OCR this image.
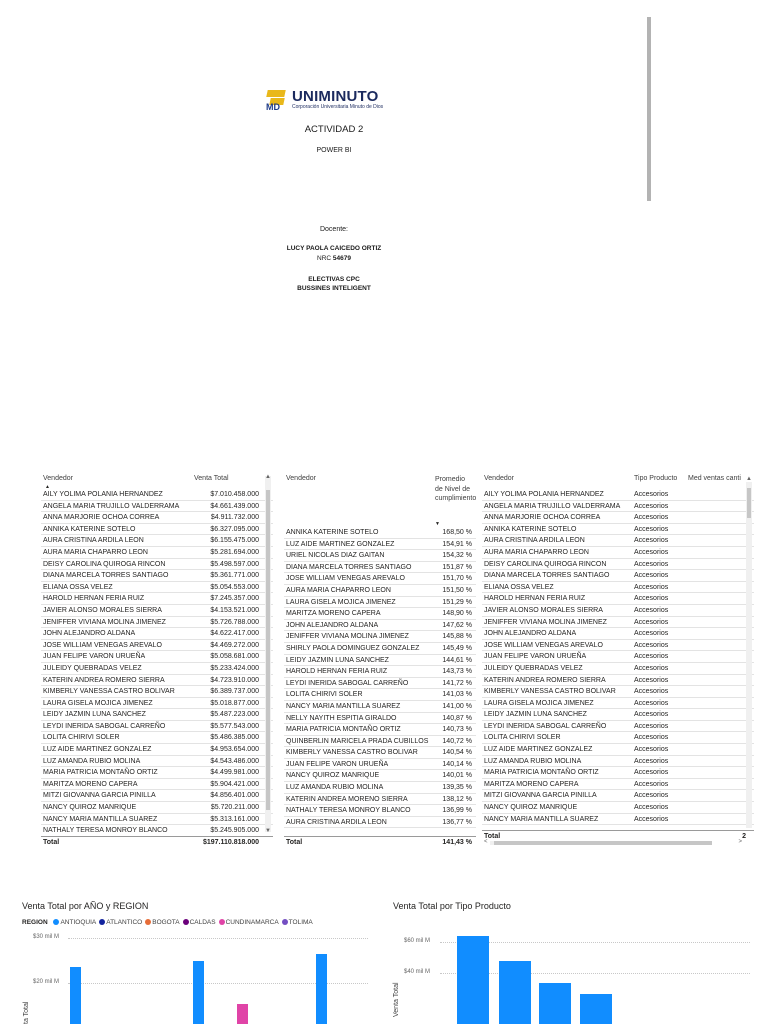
MD
UNIMINUTO
Corporación Universitaria Minuto de Dios
ACTIVIDAD 2
POWER BI
Docente:
LUCY PAOLA CAICEDO ORTIZ
NRC 54679
ELECTIVAS CPC
BUSSINES INTELIGENT
Vendedor	Venta Total
▲
AILY YOLIMA POLANIA HERNANDEZ	$7.010.458.000
ANGELA MARIA TRUJILLO VALDERRAMA	$4.661.439.000
ANNA MARJORIE OCHOA CORREA	$4.911.732.000
ANNIKA KATERINE SOTELO	$6.327.095.000
AURA CRISTINA ARDILA LEON	$6.155.475.000
AURA MARIA CHAPARRO LEON	$5.281.694.000
DEISY CAROLINA QUIROGA RINCON	$5.498.597.000
DIANA MARCELA TORRES SANTIAGO	$5.361.771.000
ELIANA OSSA VELEZ	$5.054.553.000
HAROLD HERNAN FERIA RUIZ	$7.245.357.000
JAVIER ALONSO MORALES SIERRA	$4.153.521.000
JENIFFER VIVIANA MOLINA JIMENEZ	$5.726.788.000
JOHN ALEJANDRO ALDANA	$4.622.417.000
JOSE WILLIAM VENEGAS AREVALO	$4.469.272.000
JUAN FELIPE VARON URUEÑA	$5.058.681.000
JULEIDY QUEBRADAS VELEZ	$5.233.424.000
KATERIN ANDREA ROMERO SIERRA	$4.723.910.000
KIMBERLY VANESSA CASTRO BOLIVAR	$6.389.737.000
LAURA GISELA MOJICA JIMENEZ	$5.018.877.000
LEIDY JAZMIN LUNA SANCHEZ	$5.487.223.000
LEYDI INERIDA SABOGAL CARREÑO	$5.577.543.000
LOLITA CHIRIVI SOLER	$5.486.385.000
LUZ AIDE MARTINEZ GONZALEZ	$4.953.654.000
LUZ AMANDA RUBIO MOLINA	$4.543.486.000
MARIA PATRICIA MONTAÑO ORTIZ	$4.499.981.000
MARITZA MORENO CAPERA	$5.904.421.000
MITZI GIOVANNA GARCIA PINILLA	$4.856.401.000
NANCY QUIROZ MANRIQUE	$5.720.211.000
NANCY MARIA MANTILLA SUAREZ	$5.313.161.000
NATHALY TERESA MONROY BLANCO	$5.245.905.000
Total	$197.110.818.000
▲
▼
Vendedor	Promedio de Nivel de cumplimiento
▼
ANNIKA KATERINE SOTELO	168,50 %
LUZ AIDE MARTINEZ GONZALEZ	154,91 %
URIEL NICOLAS DIAZ GAITAN	154,32 %
DIANA MARCELA TORRES SANTIAGO	151,87 %
JOSE WILLIAM VENEGAS AREVALO	151,70 %
AURA MARIA CHAPARRO LEON	151,50 %
LAURA GISELA MOJICA JIMENEZ	151,29 %
MARITZA MORENO CAPERA	148,90 %
JOHN ALEJANDRO ALDANA	147,62 %
JENIFFER VIVIANA MOLINA JIMENEZ	145,88 %
SHIRLY PAOLA DOMINGUEZ GONZALEZ	145,49 %
LEIDY JAZMIN LUNA SANCHEZ	144,61 %
HAROLD HERNAN FERIA RUIZ	143,73 %
LEYDI INERIDA SABOGAL CARREÑO	141,72 %
LOLITA CHIRIVI SOLER	141,03 %
NANCY MARIA MANTILLA SUAREZ	141,00 %
NELLY NAYITH ESPITIA GIRALDO	140,87 %
MARIA PATRICIA MONTAÑO ORTIZ	140,73 %
QUINBERLIN MARICELA PRADA CUBILLOS 140,72 %
KIMBERLY VANESSA CASTRO BOLIVAR	140,54 %
JUAN FELIPE VARON URUEÑA	140,14 %
NANCY QUIROZ MANRIQUE	140,01 %
LUZ AMANDA RUBIO MOLINA	139,35 %
KATERIN ANDREA MORENO SIERRA	138,12 %
NATHALY TERESA MONROY BLANCO	136,99 %
AURA CRISTINA ARDILA LEON	136,77 %
Total	141,43 %
Vendedor	Tipo Producto Med ventas canti
AILY YOLIMA POLANIA HERNANDEZ	Accesorios
ANGELA MARIA TRUJILLO VALDERRAMA Accesorios
ANNA MARJORIE OCHOA CORREA	Accesorios
ANNIKA KATERINE SOTELO	Accesorios
AURA CRISTINA ARDILA LEON	Accesorios
AURA MARIA CHAPARRO LEON	Accesorios
DEISY CAROLINA QUIROGA RINCON	Accesorios
DIANA MARCELA TORRES SANTIAGO	Accesorios
ELIANA OSSA VELEZ	Accesorios
HAROLD HERNAN FERIA RUIZ	Accesorios
JAVIER ALONSO MORALES SIERRA	Accesorios
JENIFFER VIVIANA MOLINA JIMENEZ	Accesorios
JOHN ALEJANDRO ALDANA	Accesorios
JOSE WILLIAM VENEGAS AREVALO	Accesorios
JUAN FELIPE VARON URUEÑA	Accesorios
JULEIDY QUEBRADAS VELEZ	Accesorios
KATERIN ANDREA ROMERO SIERRA	Accesorios
KIMBERLY VANESSA CASTRO BOLIVAR	Accesorios
LAURA GISELA MOJICA JIMENEZ	Accesorios
LEIDY JAZMIN LUNA SANCHEZ	Accesorios
LEYDI INERIDA SABOGAL CARREÑO	Accesorios
LOLITA CHIRIVI SOLER	Accesorios
LUZ AIDE MARTINEZ GONZALEZ	Accesorios
LUZ AMANDA RUBIO MOLINA	Accesorios
MARIA PATRICIA MONTAÑO ORTIZ	Accesorios
MARITZA MORENO CAPERA	Accesorios
MITZI GIOVANNA GARCIA PINILLA	Accesorios
NANCY QUIROZ MANRIQUE	Accesorios
NANCY MARIA MANTILLA SUAREZ	Accesorios
Total	2
▲
<	>
Venta Total por AÑO y REGION
REGION ANTIOQUIA ATLANTICO BOGOTA CALDAS CUNDINAMARCA TOLIMA
ta Total
Venta Total por Tipo Producto
Venta Total
$30 mil M
$20 mil M
$60 mil M
$40 mil M
